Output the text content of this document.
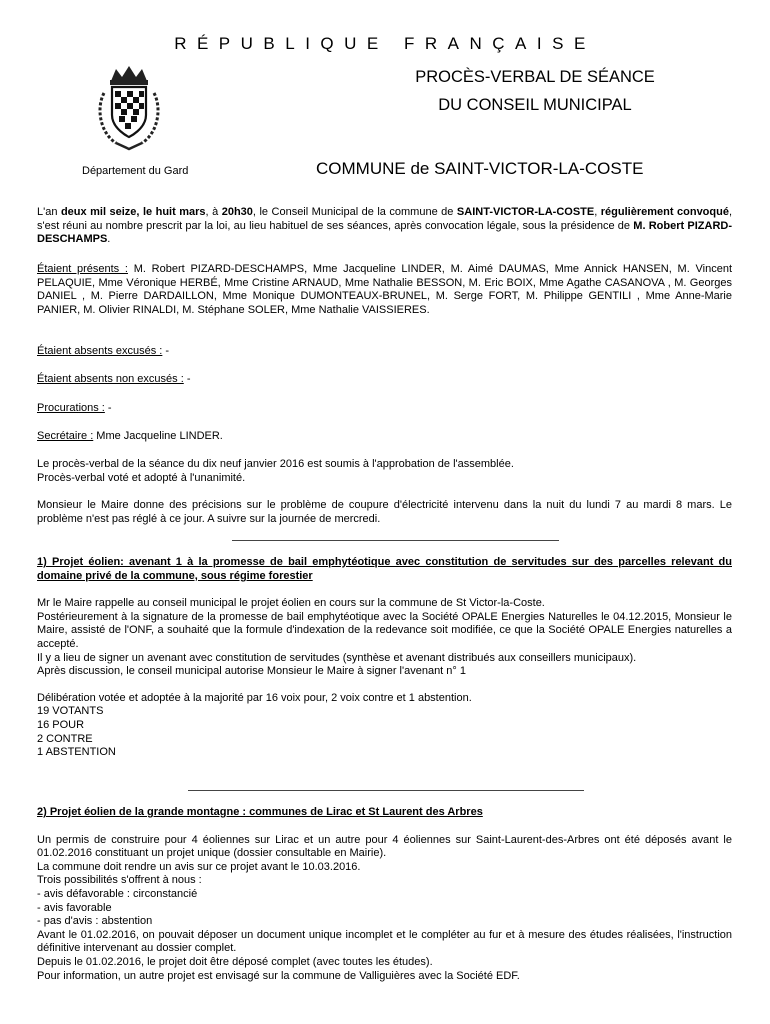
RÉPUBLIQUE FRANÇAISE
PROCÈS-VERBAL DE SÉANCE
DU CONSEIL MUNICIPAL
Département du Gard	COMMUNE de SAINT-VICTOR-LA-COSTE

L'an deux mil seize, le huit mars, à 20h30, le Conseil Municipal de la commune de SAINT-VICTOR-LA-COSTE, régulièrement convoqué, s'est réuni au nombre prescrit par la loi, au lieu habituel de ses séances, après convocation légale, sous la présidence de M. Robert PIZARD-DESCHAMPS.

Étaient présents : M. Robert PIZARD-DESCHAMPS, Mme Jacqueline LINDER, M. Aimé DAUMAS, Mme Annick HANSEN, M. Vincent PELAQUIE, Mme Véronique HERBÉ, Mme Cristine ARNAUD, Mme Nathalie BESSON, M. Eric BOIX, Mme Agathe CASANOVA , M. Georges DANIEL , M. Pierre DARDAILLON, Mme Monique DUMONTEAUX-BRUNEL, M. Serge FORT, M. Philippe GENTILI , Mme Anne-Marie PANIER, M. Olivier RINALDI, M. Stéphane SOLER, Mme Nathalie VAISSIERES.

Étaient absents excusés : -
Étaient absents non excusés : -
Procurations : -
Secrétaire : Mme Jacqueline LINDER.
Le procès-verbal de la séance du dix neuf janvier 2016 est soumis à l'approbation de l'assemblée.
Procès-verbal voté et adopté à l'unanimité.

Monsieur le Maire donne des précisions sur le problème de coupure d'électricité intervenu dans la nuit du lundi 7 au mardi 8 mars. Le problème n'est pas réglé à ce jour. A suivre sur la journée de mercredi.

1) Projet éolien: avenant 1 à la promesse de bail emphytéotique avec constitution de servitudes sur des parcelles relevant du domaine privé de la commune, sous régime forestier

Mr le Maire rappelle au conseil municipal le projet éolien en cours sur la commune de St Victor-la-Coste.

Postérieurement à la signature de la promesse de bail emphytéotique avec la Société OPALE Energies Naturelles le 04.12.2015, Monsieur le Maire, assisté de l'ONF, a souhaité que la formule d'indexation de la redevance soit modifiée, ce que la Société OPALE Energies naturelles a accepté.

Il y a lieu de signer un avenant avec constitution de servitudes (synthèse et avenant distribués aux conseillers municipaux).

Après discussion, le conseil municipal autorise Monsieur le Maire à signer l'avenant n° 1
Délibération votée et adoptée à la majorité par 16 voix pour, 2 voix contre et 1 abstention.
19 VOTANTS
16 POUR
2 CONTRE
1 ABSTENTION

2) Projet éolien de la grande montagne : communes de Lirac et St Laurent des Arbres

Un permis de construire pour 4 éoliennes sur Lirac et un autre pour 4 éoliennes sur Saint-Laurent-des-Arbres ont été déposés avant le 01.02.2016 constituant un projet unique (dossier consultable en Mairie).

La commune doit rendre un avis sur ce projet avant le 10.03.2016.
Trois possibilités s'offrent à nous :
- avis défavorable : circonstancié
- avis favorable
- pas d'avis : abstention

Avant le 01.02.2016, on pouvait déposer un document unique incomplet et le compléter au fur et à mesure des études réalisées, l'instruction définitive intervenant au dossier complet.

Depuis le 01.02.2016, le projet doit être déposé complet (avec toutes les études).
Pour information, un autre projet est envisagé sur la commune de Valliguières avec la Société EDF.
